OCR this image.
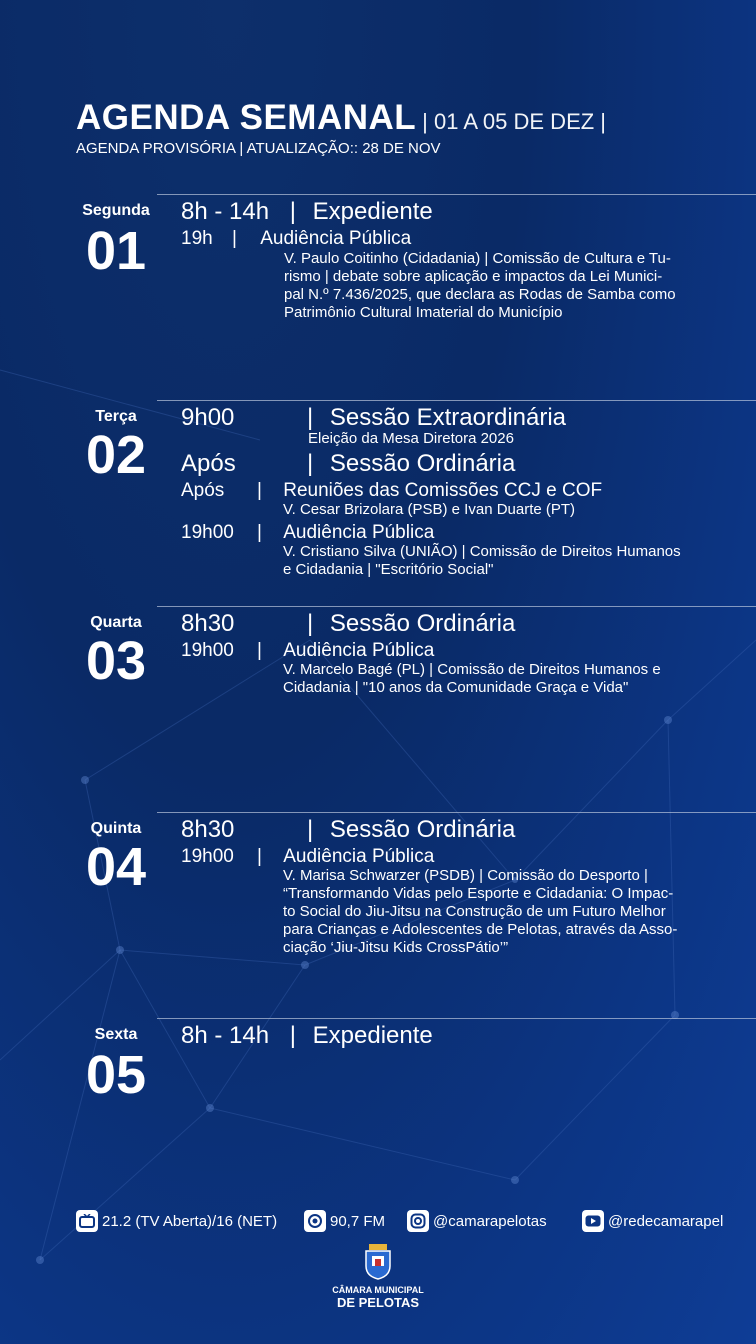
AGENDA SEMANAL | 01 A 05 DE DEZ |
AGENDA PROVISÓRIA | ATUALIZAÇÃO:: 28 DE NOV
Segunda
01
8h - 14h | Expediente
19h | Audiência Pública
V. Paulo Coitinho (Cidadania) | Comissão de Cultura e Tu-
rismo | debate sobre aplicação e impactos da Lei Munici-
pal N.º 7.436/2025, que declara as Rodas de Samba como
Patrimônio Cultural Imaterial do Município
Terça
02
9h00	| Sessão Extraordinária
Eleição da Mesa Diretora 2026
Após	| Sessão Ordinária
Após | Reuniões das Comissões CCJ e COF
V. Cesar Brizolara (PSB) e Ivan Duarte (PT)
19h00 | Audiência Pública
V. Cristiano Silva (UNIÃO) | Comissão de Direitos Humanos
e Cidadania | "Escritório Social"
Quarta
03
8h30	| Sessão Ordinária
19h00 | Audiência Pública
V. Marcelo Bagé (PL) | Comissão de Direitos Humanos e
Cidadania | "10 anos da Comunidade Graça e Vida"
Quinta
04
8h30	| Sessão Ordinária
19h00 | Audiência Pública
V. Marisa Schwarzer (PSDB) | Comissão do Desporto |
“Transformando Vidas pelo Esporte e Cidadania: O Impac-
to Social do Jiu-Jitsu na Construção de um Futuro Melhor
para Crianças e Adolescentes de Pelotas, através da Asso-
ciação ‘Jiu-Jitsu Kids CrossPátio’”
Sexta
05
8h - 14h | Expediente
21.2 (TV Aberta)/16 (NET)	90,7 FM	@camarapelotas	@redecamarapel
CÂMARA MUNICIPAL
DE PELOTAS
